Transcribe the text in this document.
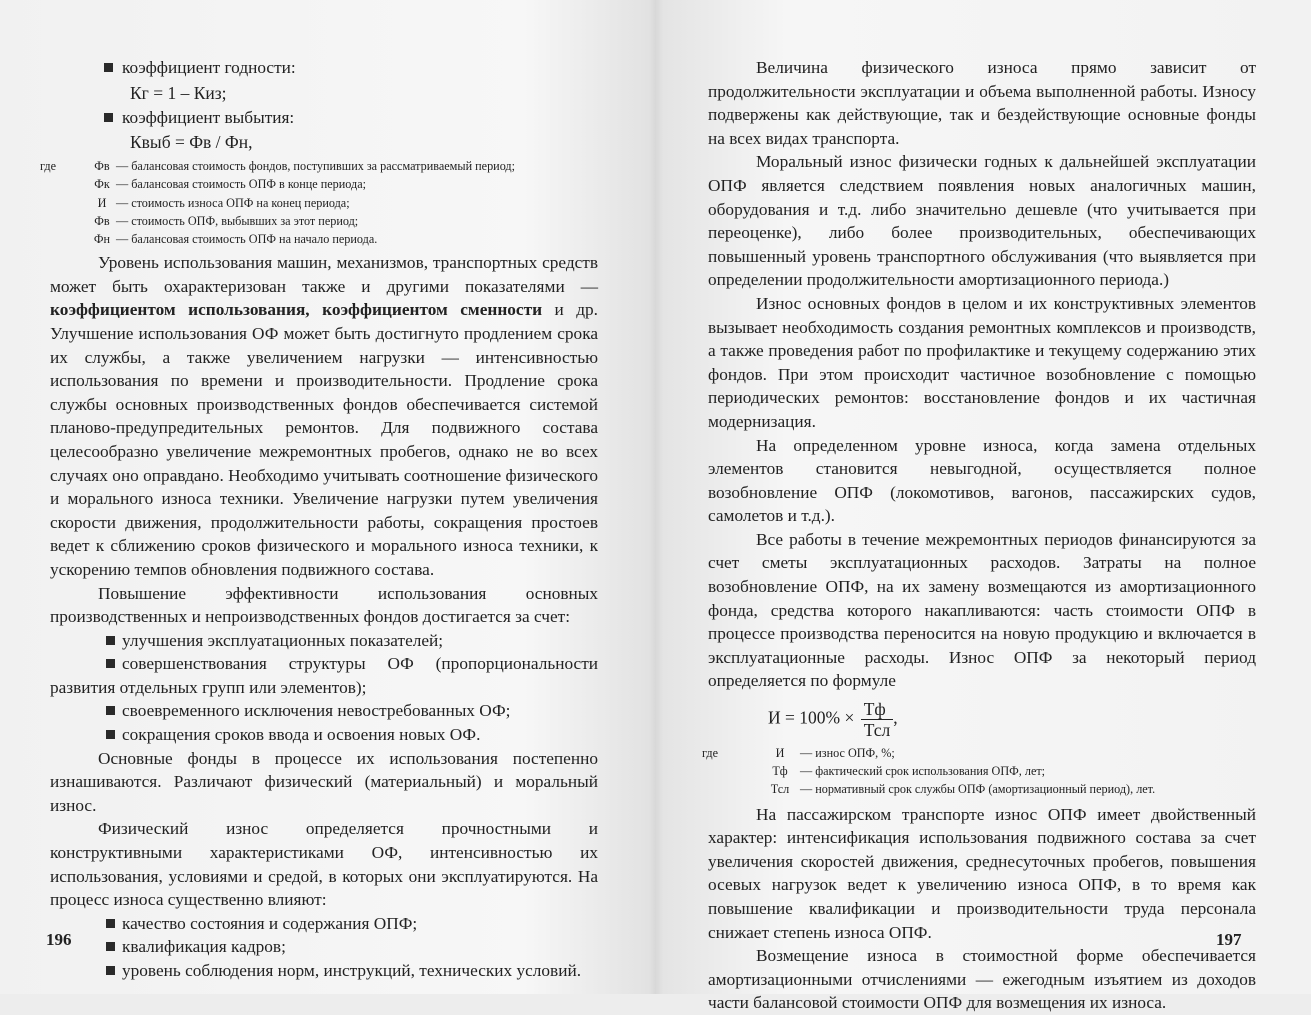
коэффициент годности:

Кг = 1 – Киз;

коэффициент выбытия:

Квыб = Фв / Фн,

где	Фв — балансовая стоимость фондов, поступивших за рассматриваемый период;
Фк — балансовая стоимость ОПФ в конце периода;
И — стоимость износа ОПФ на конец периода;
Фв — стоимость ОПФ, выбывших за этот период;
Фн — балансовая стоимость ОПФ на начало периода.

Уровень использования машин, механизмов, транспортных средств может быть охарактеризован также и другими показателями — коэффициентом использования, коэффициентом сменности и др. Улучшение использования ОФ может быть достигнуто продлением срока их службы, а также увеличением нагрузки — интенсивностью использования по времени и производительности. Продление срока службы основных производственных фондов обеспечивается системой планово-предупредительных ремонтов. Для подвижного состава целесообразно увеличение межремонтных пробегов, однако не во всех случаях оно оправдано. Необходимо учитывать соотношение физического и морального износа техники. Увеличение нагрузки путем увеличения скорости движения, продолжительности работы, сокращения простоев ведет к сближению сроков физического и морального износа техники, к ускорению темпов обновления подвижного состава.

Повышение эффективности использования основных производственных и непроизводственных фондов достигается за счет:

улучшения эксплуатационных показателей;

совершенствования структуры ОФ (пропорциональности развития отдельных групп или элементов);

своевременного исключения невостребованных ОФ;

сокращения сроков ввода и освоения новых ОФ.

Основные фонды в процессе их использования постепенно изнашиваются. Различают физический (материальный) и моральный износ.

Физический износ определяется прочностными и конструктивными характеристиками ОФ, интенсивностью их использования, условиями и средой, в которых они эксплуатируются. На процесс износа существенно влияют:

качество состояния и содержания ОПФ;

квалификация кадров;

уровень соблюдения норм, инструкций, технических условий.

196

Величина физического износа прямо зависит от продолжительности эксплуатации и объема выполненной работы. Износу подвержены как действующие, так и бездействующие основные фонды на всех видах транспорта.

Моральный износ физически годных к дальнейшей эксплуатации ОПФ является следствием появления новых аналогичных машин, оборудования и т.д. либо значительно дешевле (что учитывается при переоценке), либо более производительных, обеспечивающих повышенный уровень транспортного обслуживания (что выявляется при определении продолжительности амортизационного периода.)

Износ основных фондов в целом и их конструктивных элементов вызывает необходимость создания ремонтных комплексов и производств, а также проведения работ по профилактике и текущему содержанию этих фондов. При этом происходит частичное возобновление с помощью периодических ремонтов: восстановление фондов и их частичная модернизация.

На определенном уровне износа, когда замена отдельных элементов становится невыгодной, осуществляется полное возобновление ОПФ (локомотивов, вагонов, пассажирских судов, самолетов и т.д.).

Все работы в течение межремонтных периодов финансируются за счет сметы эксплуатационных расходов. Затраты на полное возобновление ОПФ, на их замену возмещаются из амортизационного фонда, средства которого накапливаются: часть стоимости ОПФ в процессе производства переносится на новую продукцию и включается в эксплуатационные расходы. Износ ОПФ за некоторый период определяется по формуле

$И = 100\% \times \frac{Тф}{\text{Тсл}}$ ,

где	И	— износ ОПФ, %;
Тф	— фактический срок использования ОПФ, лет;
Тсл — нормативный срок службы ОПФ (амортизационный период), лет.

На пассажирском транспорте износ ОПФ имеет двойственный характер: интенсификация использования подвижного состава за счет увеличения скоростей движения, среднесуточных пробегов, повышения осевых нагрузок ведет к увеличению износа ОПФ, в то время как повышение квалификации и производительности труда персонала снижает степень износа ОПФ.

Возмещение износа в стоимостной форме обеспечивается амортизационными отчислениями — ежегодным изъятием из доходов части балансовой стоимости ОПФ для возмещения их износа.

197
